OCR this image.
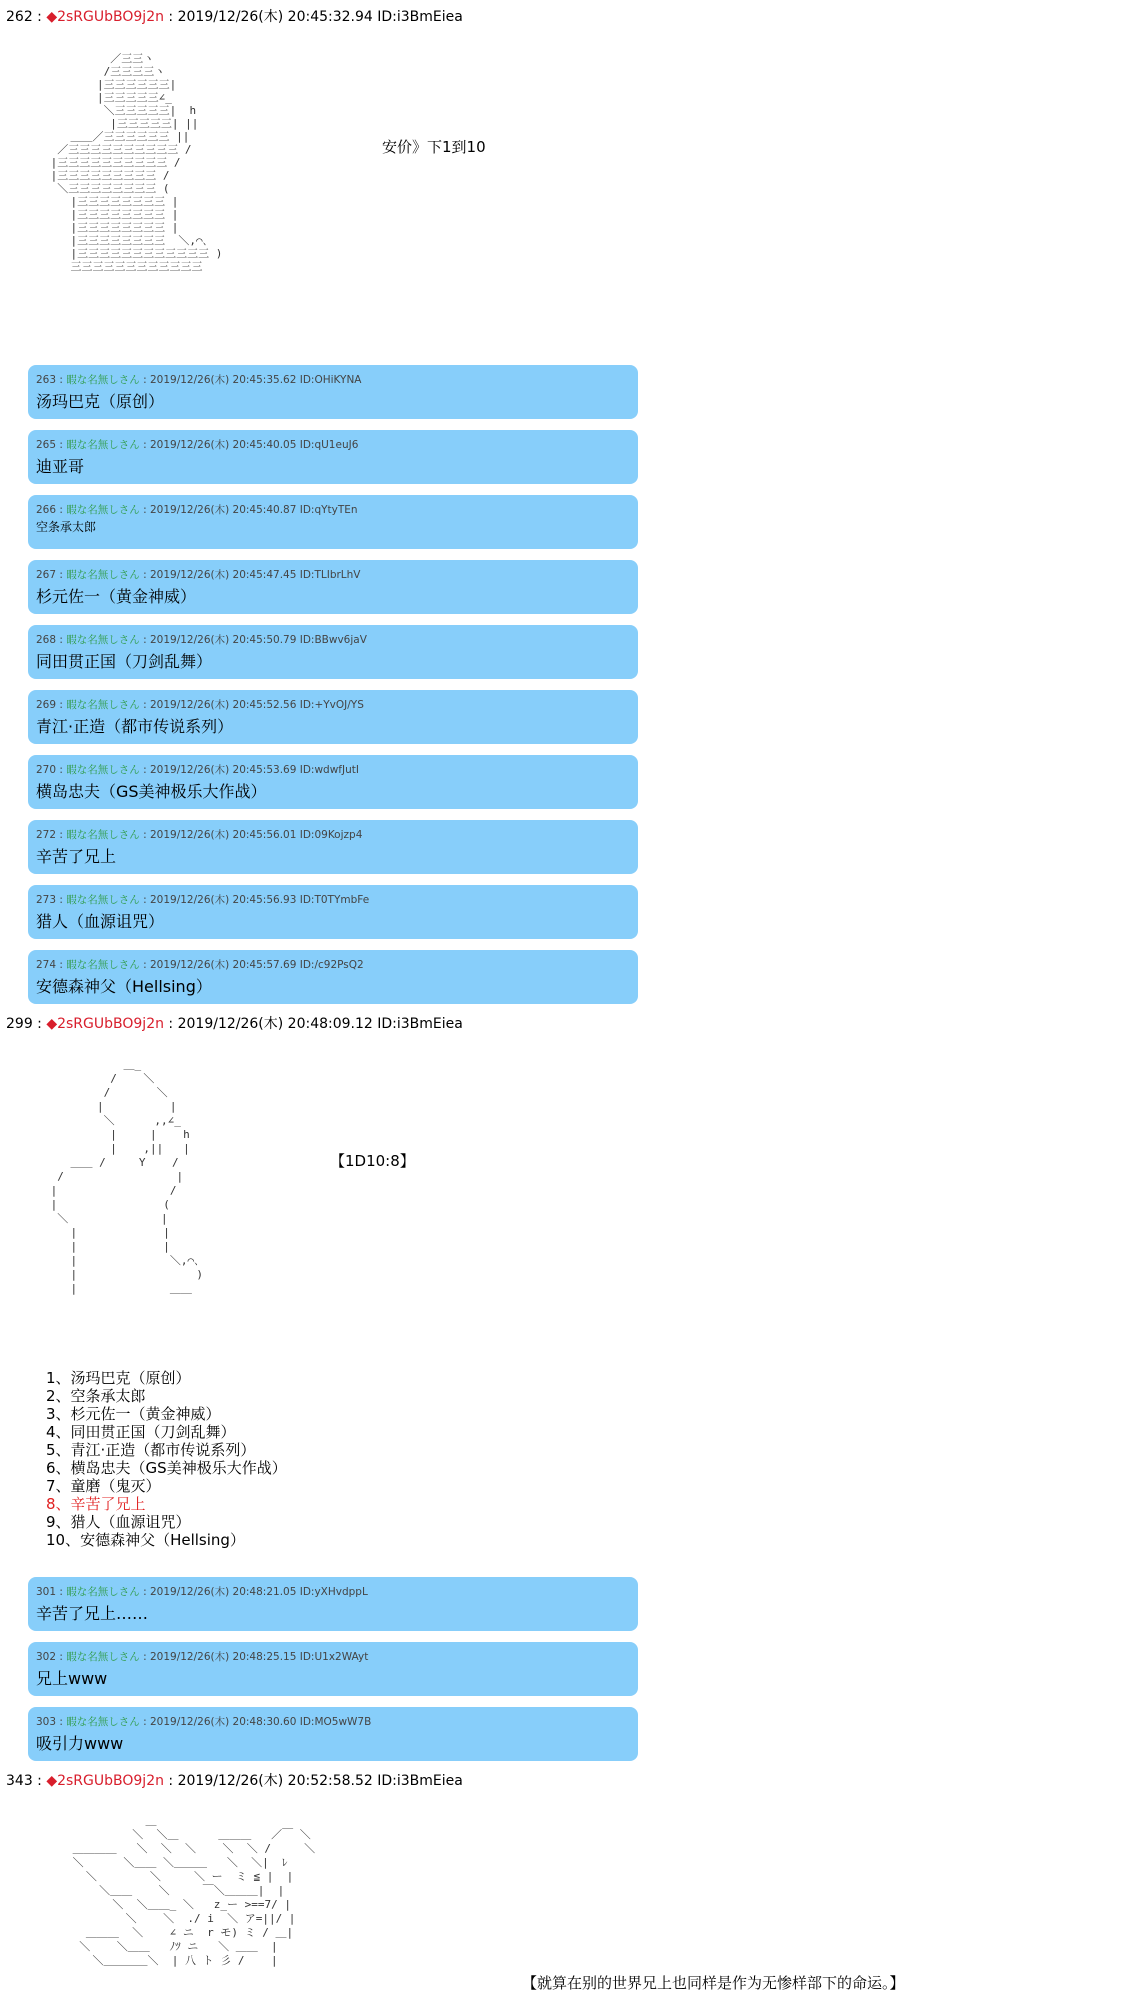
262 : ◆2sRGUbBO9j2n : 2019/12/26(木) 20:45:32.94 ID:i3BmEiea
／三三ヽ
/三三三三ヽ
|三三三三三三|
|三三三三三∠_
＼三三三三三|  h
|三三三三三| ||
＿＿／三三三三三三 ||
／三三三三三三三三三三 /
|三三三三三三三三三三 /
|三三三三三三三三三 /
＼三三三三三三三三 (
|三三三三三三三三 |
|三三三三三三三三 |
|三三三三三三三三 |
|三三三三三三三三  ＼,⌒､
|三三三三三三三三三三三三 )
三三三三三三三三三三三三

安价》下1到10
263 : 暇な名無しさん : 2019/12/26(木) 20:45:35.62 ID:OHiKYNA
汤玛巴克（原创）
265 : 暇な名無しさん : 2019/12/26(木) 20:45:40.05 ID:qU1euJ6
迪亚哥
266 : 暇な名無しさん : 2019/12/26(木) 20:45:40.87 ID:qYtyTEn
空条承太郎
267 : 暇な名無しさん : 2019/12/26(木) 20:45:47.45 ID:TLIbrLhV
杉元佐一（黄金神威）
268 : 暇な名無しさん : 2019/12/26(木) 20:45:50.79 ID:BBwv6jaV
同田贯正国（刀剑乱舞）
269 : 暇な名無しさん : 2019/12/26(木) 20:45:52.56 ID:+YvOJ/YS
青江·正造（都市传说系列）
270 : 暇な名無しさん : 2019/12/26(木) 20:45:53.69 ID:wdwfJutI
横岛忠夫（GS美神极乐大作战）
272 : 暇な名無しさん : 2019/12/26(木) 20:45:56.01 ID:09Kojzp4
辛苦了兄上
273 : 暇な名無しさん : 2019/12/26(木) 20:45:56.93 ID:T0TYmbFe
猎人（血源诅咒）
274 : 暇な名無しさん : 2019/12/26(木) 20:45:57.69 ID:/c92PsQ2
安德森神父（Hellsing）
299 : ◆2sRGUbBO9j2n : 2019/12/26(木) 20:48:09.12 ID:i3BmEiea
＿_
/    ＼
/       ＼
|          |
＼      ,,∠_
|     |    h
|    ,||   |
＿＿ /     Y    /
/                 |
|                 /
|                (
＼              |
|             |
|             |
|              ＼,⌒､
|                  )
|              ＿＿

【1D10:8】
1、汤玛巴克（原创）
2、空条承太郎
3、杉元佐一（黄金神威）
4、同田贯正国（刀剑乱舞）
5、青江·正造（都市传说系列）
6、横岛忠夫（GS美神极乐大作战）
7、童磨（鬼灭）
8、辛苦了兄上
9、猎人（血源诅咒）
10、安德森神父（Hellsing）
301 : 暇な名無しさん : 2019/12/26(木) 20:48:21.05 ID:yXHvdppL
辛苦了兄上……
302 : 暇な名無しさん : 2019/12/26(木) 20:48:25.15 ID:U1x2WAyt
兄上www
303 : 暇な名無しさん : 2019/12/26(木) 20:48:30.60 ID:MO5wW7B
吸引力www
343 : ◆2sRGUbBO9j2n : 2019/12/26(木) 20:52:58.52 ID:i3BmEiea
＿
＼  ＼＿      ＿＿＿   ／￣ ＼
＿＿＿＿   ＼  ＼  ＼    ＼  ＼ /     ＼
＼      ＼＿＿ ＼＿＿＿   ＼  ＼|  ﾚ
＼        ＼     ＼ ー  ミ ≦ |  |
＼＿＿    ＼     ￣＼＿＿＿|  |
＼  ＼＿＿_ ＼   z_ー >==7/ |
＼    ＼  ./ i  ＼ ア=||/ |
＿＿＿  ＼    ∠ ニ  r モ) ミ / ＿|
＼    ＼＿＿   ﾉﾂ ニ   ＼ ＿＿  |
＼＿＿＿＿＼  | 八 ト 彡 /    |

【就算在别的世界兄上也同样是作为无惨样部下的命运。】
